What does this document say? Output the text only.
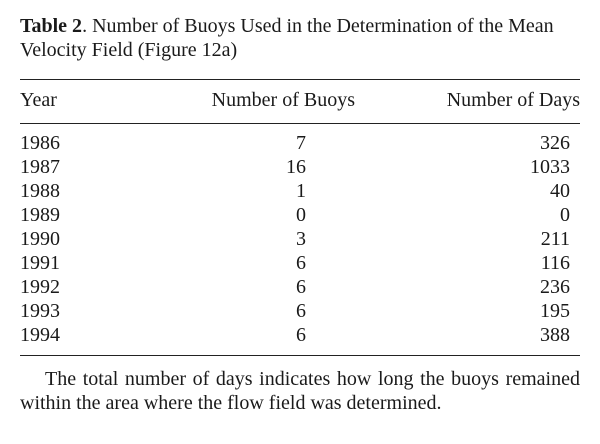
Table 2. Number of Buoys Used in the Determination of the Mean Velocity Field (Figure 12a)

Year	Number of Buoys	Number of Days
1986	7	326
1987	16	1033
1988	1	40
1989	0	0
1990	3	211
1991	6	116
1992	6	236
1993	6	195
1994	6	388

The total number of days indicates how long the buoys remained within the area where the flow field was determined.
